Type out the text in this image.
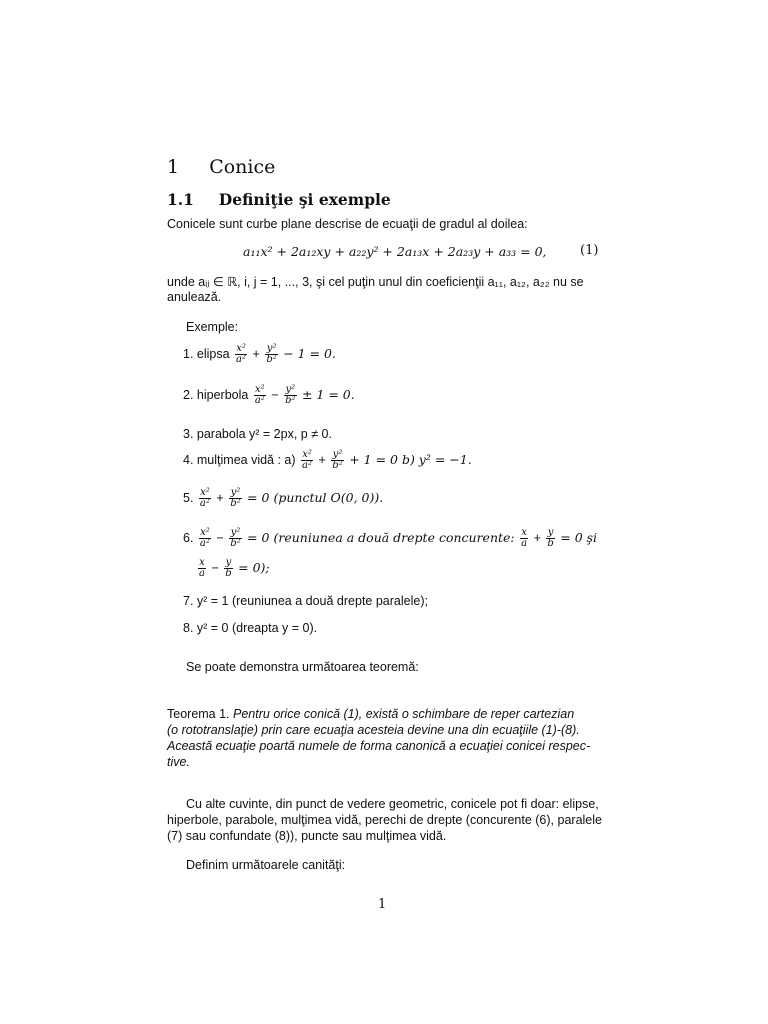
1 Conice
1.1 Definiţie şi exemple
Conicele sunt curbe plane descrise de ecuaţii de gradul al doilea:
a₁₁x² + 2a₁₂xy + a₂₂y² + 2a₁₃x + 2a₂₃y + a₃₃ = 0,	(1)
unde aᵢⱼ ∈ ℝ, i, j = 1, ..., 3, şi cel puţin unul din coeficienţii a₁₁, a₁₂, a₂₂ nu se
anulează.
Exemple:
1. elipsa $\frac{\text{x²}}{\text{a²}} + \frac{\text{y²}}{\text{b²}} - 1 = 0$.
2. hiperbola $\frac{\text{x²}}{\text{a²}} - \frac{\text{y²}}{\text{b²}} \pm 1 = 0$.
3. parabola y² = 2px, p ≠ 0.
4. mulţimea vidă : $a) \frac{\text{x²}}{\text{a²}} + \frac{\text{y²}}{\text{b²}} + 1 = 0$ b) y² = −1.
5. $\frac{\text{x²}}{\text{a²}} + \frac{\text{y²}}{\text{b²}} = 0$ (punctul O(0, 0)).
6. $\frac{\text{x²}}{\text{a²}} - \frac{\text{y²}}{\text{b²}} = 0$ (reuniunea a două drepte concurente: $\frac{x}{a} + \frac{y}{b} = 0$ şi
$\frac{x}{a} - \frac{y}{b} = 0$);
7. y² = 1 (reuniunea a două drepte paralele);
8. y² = 0 (dreapta y = 0).
Se poate demonstra următoarea teoremă:
Teorema 1. Pentru orice conică (1), există o schimbare de reper cartezian
(o rototranslaţie) prin care ecuaţia acesteia devine una din ecuaţiile (1)-(8).
Această ecuaţie poartă numele de forma canonică a ecuaţiei conicei respec-
tive.
Cu alte cuvinte, din punct de vedere geometric, conicele pot fi doar: elipse,
hiperbole, parabole, mulţimea vidă, perechi de drepte (concurente (6), paralele
(7) sau confundate (8)), puncte sau mulţimea vidă.
Definim următoarele canităţi:
1
